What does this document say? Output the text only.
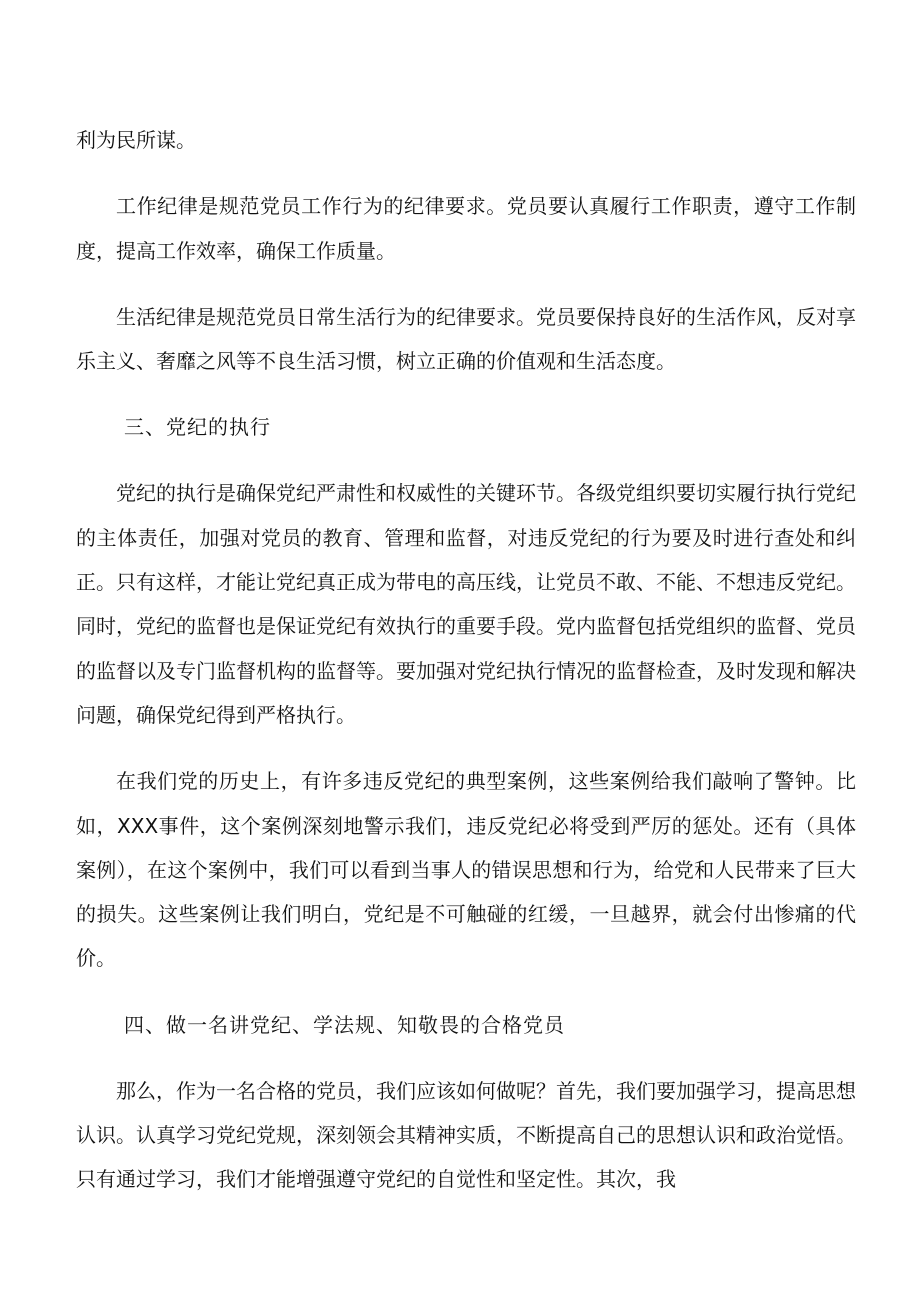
利为民所谋。

工作纪律是规范党员工作行为的纪律要求。党员要认真履行工作职责，遵守工作制度，提高工作效率，确保工作质量。

生活纪律是规范党员日常生活行为的纪律要求。党员要保持良好的生活作风，反对享乐主义、奢靡之风等不良生活习惯，树立正确的价值观和生活态度。

三、党纪的执行

党纪的执行是确保党纪严肃性和权威性的关键环节。各级党组织要切实履行执行党纪的主体责任，加强对党员的教育、管理和监督，对违反党纪的行为要及时进行查处和纠正。只有这样，才能让党纪真正成为带电的高压线，让党员不敢、不能、不想违反党纪。同时，党纪的监督也是保证党纪有效执行的重要手段。党内监督包括党组织的监督、党员的监督以及专门监督机构的监督等。要加强对党纪执行情况的监督检查，及时发现和解决问题，确保党纪得到严格执行。

在我们党的历史上，有许多违反党纪的典型案例，这些案例给我们敲响了警钟。比如，XXX事件，这个案例深刻地警示我们，违反党纪必将受到严厉的惩处。还有（具体案例），在这个案例中，我们可以看到当事人的错误思想和行为，给党和人民带来了巨大的损失。这些案例让我们明白，党纪是不可触碰的红缓，一旦越界，就会付出惨痛的代价。

四、做一名讲党纪、学法规、知敬畏的合格党员

那么，作为一名合格的党员，我们应该如何做呢？首先，我们要加强学习，提高思想认识。认真学习党纪党规，深刻领会其精神实质，不断提高自己的思想认识和政治觉悟。只有通过学习，我们才能增强遵守党纪的自觉性和坚定性。其次，我
